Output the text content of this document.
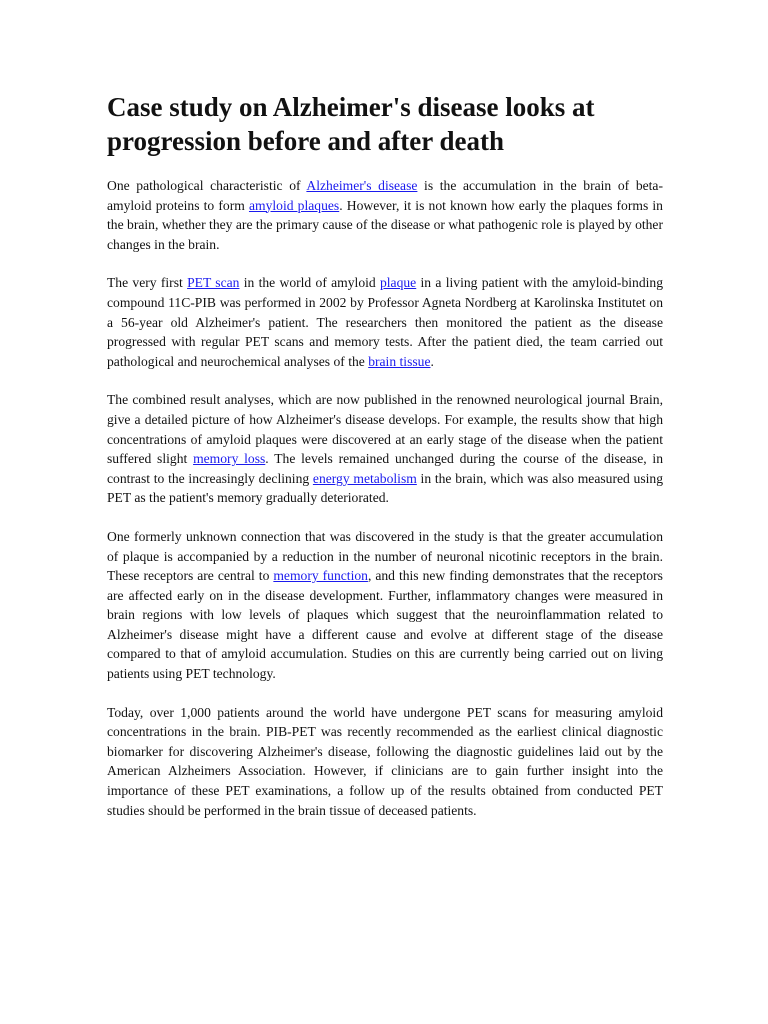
Case study on Alzheimer's disease looks at progression before and after death

One pathological characteristic of Alzheimer's disease is the accumulation in the brain of beta-amyloid proteins to form amyloid plaques. However, it is not known how early the plaques forms in the brain, whether they are the primary cause of the disease or what pathogenic role is played by other changes in the brain.

The very first PET scan in the world of amyloid plaque in a living patient with the amyloid-binding compound 11C-PIB was performed in 2002 by Professor Agneta Nordberg at Karolinska Institutet on a 56-year old Alzheimer's patient. The researchers then monitored the patient as the disease progressed with regular PET scans and memory tests. After the patient died, the team carried out pathological and neurochemical analyses of the brain tissue.

The combined result analyses, which are now published in the renowned neurological journal Brain, give a detailed picture of how Alzheimer's disease develops. For example, the results show that high concentrations of amyloid plaques were discovered at an early stage of the disease when the patient suffered slight memory loss. The levels remained unchanged during the course of the disease, in contrast to the increasingly declining energy metabolism in the brain, which was also measured using PET as the patient's memory gradually deteriorated.

One formerly unknown connection that was discovered in the study is that the greater accumulation of plaque is accompanied by a reduction in the number of neuronal nicotinic receptors in the brain. These receptors are central to memory function, and this new finding demonstrates that the receptors are affected early on in the disease development. Further, inflammatory changes were measured in brain regions with low levels of plaques which suggest that the neuroinflammation related to Alzheimer's disease might have a different cause and evolve at different stage of the disease compared to that of amyloid accumulation. Studies on this are currently being carried out on living patients using PET technology.

Today, over 1,000 patients around the world have undergone PET scans for measuring amyloid concentrations in the brain. PIB-PET was recently recommended as the earliest clinical diagnostic biomarker for discovering Alzheimer's disease, following the diagnostic guidelines laid out by the American Alzheimers Association. However, if clinicians are to gain further insight into the importance of these PET examinations, a follow up of the results obtained from conducted PET studies should be performed in the brain tissue of deceased patients.
